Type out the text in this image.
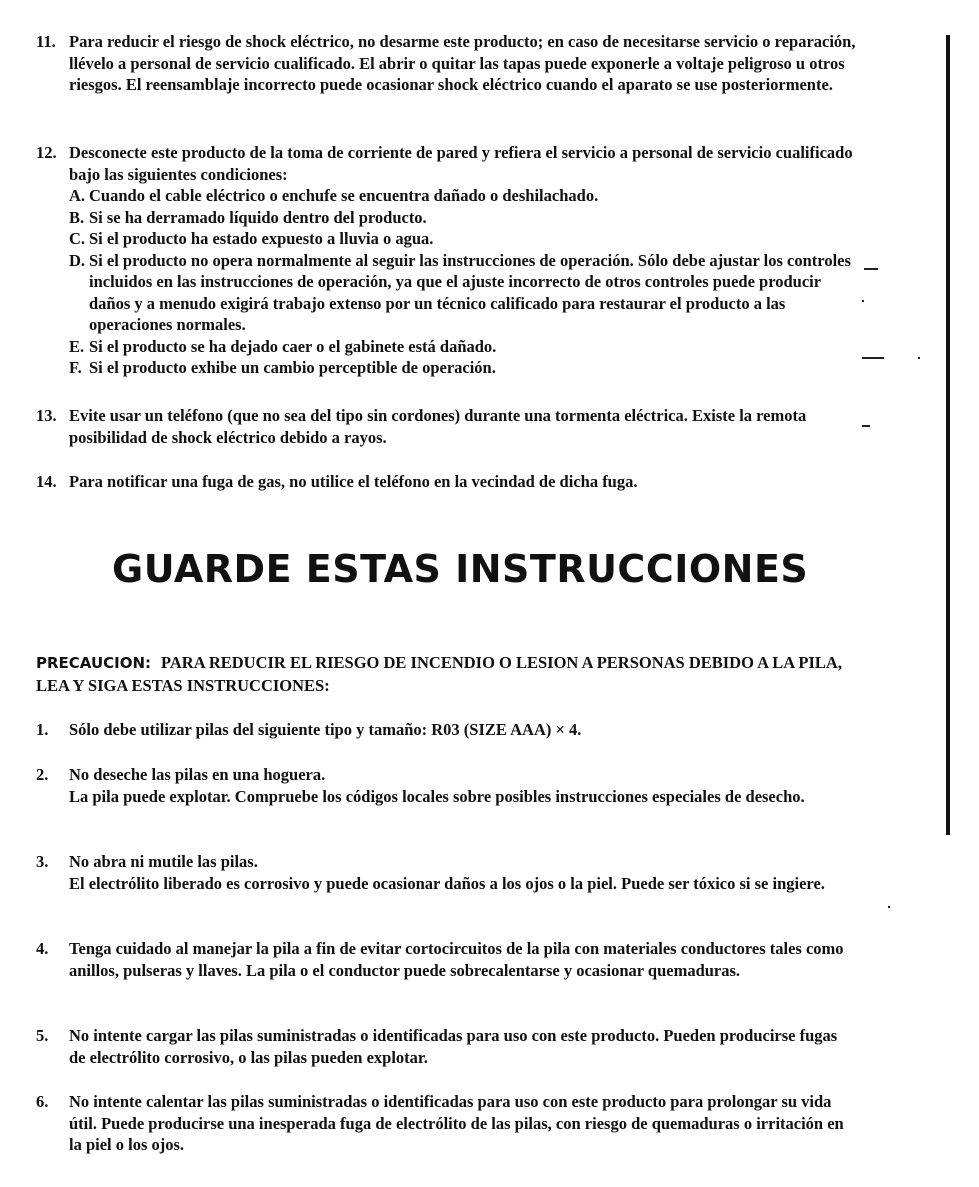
11. Para reducir el riesgo de shock eléctrico, no desarme este producto; en caso de necesitarse servicio o reparación, llévelo a personal de servicio cualificado. El abrir o quitar las tapas puede exponerle a voltaje peligroso u otros riesgos. El reensamblaje incorrecto puede ocasionar shock eléctrico cuando el aparato se use posteriormente.
12. Desconecte este producto de la toma de corriente de pared y refiera el servicio a personal de servicio cualificado bajo las siguientes condiciones:
A. Cuando el cable eléctrico o enchufe se encuentra dañado o deshilachado.
B. Si se ha derramado líquido dentro del producto.
C. Si el producto ha estado expuesto a lluvia o agua.
D. Si el producto no opera normalmente al seguir las instrucciones de operación. Sólo debe ajustar los controles incluidos en las instrucciones de operación, ya que el ajuste incorrecto de otros controles puede producir daños y a menudo exigirá trabajo extenso por un técnico calificado para restaurar el producto a las operaciones normales.
E. Si el producto se ha dejado caer o el gabinete está dañado.
F. Si el producto exhibe un cambio perceptible de operación.
13. Evite usar un teléfono (que no sea del tipo sin cordones) durante una tormenta eléctrica. Existe la remota posibilidad de shock eléctrico debido a rayos.
14. Para notificar una fuga de gas, no utilice el teléfono en la vecindad de dicha fuga.
GUARDE ESTAS INSTRUCCIONES
PRECAUCION: PARA REDUCIR EL RIESGO DE INCENDIO O LESION A PERSONAS DEBIDO A LA PILA, LEA Y SIGA ESTAS INSTRUCCIONES:
1.	Sólo debe utilizar pilas del siguiente tipo y tamaño: R03 (SIZE AAA) × 4.
2.	No deseche las pilas en una hoguera.
La pila puede explotar. Compruebe los códigos locales sobre posibles instrucciones especiales de desecho.
3.	No abra ni mutile las pilas.
El electrólito liberado es corrosivo y puede ocasionar daños a los ojos o la piel. Puede ser tóxico si se ingiere.
4.	Tenga cuidado al manejar la pila a fin de evitar cortocircuitos de la pila con materiales conductores tales como anillos, pulseras y llaves. La pila o el conductor puede sobrecalentarse y ocasionar quemaduras.
5.	No intente cargar las pilas suministradas o identificadas para uso con este producto. Pueden producirse fugas de electrólito corrosivo, o las pilas pueden explotar.
6.	No intente calentar las pilas suministradas o identificadas para uso con este producto para prolongar su vida útil. Puede producirse una inesperada fuga de electrólito de las pilas, con riesgo de quemaduras o irritación en la piel o los ojos.
